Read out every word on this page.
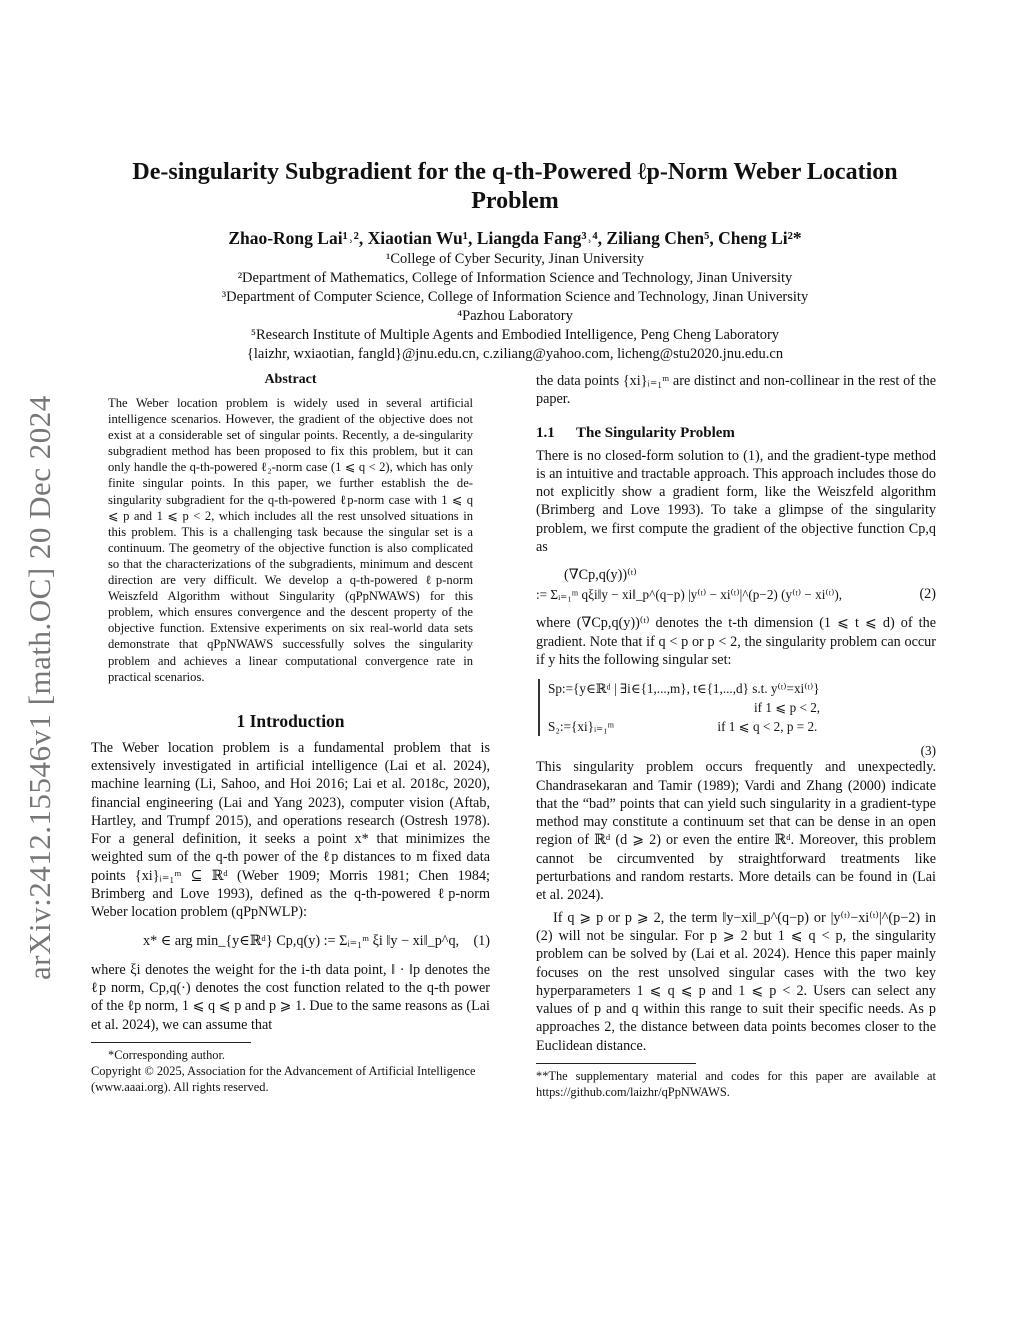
arXiv:2412.15546v1 [math.OC] 20 Dec 2024
De-singularity Subgradient for the q-th-Powered ℓp-Norm Weber Location Problem
Zhao-Rong Lai¹˒², Xiaotian Wu¹, Liangda Fang³˒⁴, Ziliang Chen⁵, Cheng Li²*
¹College of Cyber Security, Jinan University
²Department of Mathematics, College of Information Science and Technology, Jinan University
³Department of Computer Science, College of Information Science and Technology, Jinan University
⁴Pazhou Laboratory
⁵Research Institute of Multiple Agents and Embodied Intelligence, Peng Cheng Laboratory
{laizhr, wxiaotian, fangld}@jnu.edu.cn, c.ziliang@yahoo.com, licheng@stu2020.jnu.edu.cn
Abstract
The Weber location problem is widely used in several artificial intelligence scenarios. However, the gradient of the objective does not exist at a considerable set of singular points. Recently, a de-singularity subgradient method has been proposed to fix this problem, but it can only handle the q-th-powered ℓ₂-norm case (1 ⩽ q < 2), which has only finite singular points. In this paper, we further establish the de-singularity subgradient for the q-th-powered ℓp-norm case with 1 ⩽ q ⩽ p and 1 ⩽ p < 2, which includes all the rest unsolved situations in this problem. This is a challenging task because the singular set is a continuum. The geometry of the objective function is also complicated so that the characterizations of the subgradients, minimum and descent direction are very difficult. We develop a q-th-powered ℓp-norm Weiszfeld Algorithm without Singularity (qPpNWAWS) for this problem, which ensures convergence and the descent property of the objective function. Extensive experiments on six real-world data sets demonstrate that qPpNWAWS successfully solves the singularity problem and achieves a linear computational convergence rate in practical scenarios.
1 Introduction

The Weber location problem is a fundamental problem that is extensively investigated in artificial intelligence (Lai et al. 2024), machine learning (Li, Sahoo, and Hoi 2016; Lai et al. 2018c, 2020), financial engineering (Lai and Yang 2023), computer vision (Aftab, Hartley, and Trumpf 2015), and operations research (Ostresh 1978). For a general definition, it seeks a point x* that minimizes the weighted sum of the q-th power of the ℓp distances to m fixed data points {xi}ᵢ₌₁ᵐ ⊆ ℝᵈ (Weber 1909; Morris 1981; Chen 1984; Brimberg and Love 1993), defined as the q-th-powered ℓp-norm Weber location problem (qPpNWLP):

x* ∈ arg min_{y∈ℝᵈ} Cp,q(y) := Σᵢ₌₁ᵐ ξi ‖y − xi‖_p^q, (1)

where ξi denotes the weight for the i-th data point, ‖ · ‖p denotes the ℓp norm, Cp,q(·) denotes the cost function related to the q-th power of the ℓp norm, 1 ⩽ q ⩽ p and p ⩾ 1. Due to the same reasons as (Lai et al. 2024), we can assume that

*Corresponding author.
Copyright © 2025, Association for the Advancement of Artificial Intelligence (www.aaai.org). All rights reserved.

the data points {xi}ᵢ₌₁ᵐ are distinct and non-collinear in the rest of the paper.

1.1 The Singularity Problem

There is no closed-form solution to (1), and the gradient-type method is an intuitive and tractable approach. This approach includes those do not explicitly show a gradient form, like the Weiszfeld algorithm (Brimberg and Love 1993). To take a glimpse of the singularity problem, we first compute the gradient of the objective function Cp,q as

(∇Cp,q(y))⁽ᵗ⁾
:= Σᵢ₌₁ᵐ qξi‖y − xi‖_p^(q−p) |y⁽ᵗ⁾ − xi⁽ᵗ⁾|^(p−2) (y⁽ᵗ⁾ − xi⁽ᵗ⁾),	(2)

where (∇Cp,q(y))⁽ᵗ⁾ denotes the t-th dimension (1 ⩽ t ⩽ d) of the gradient. Note that if q < p or p < 2, the singularity problem can occur if y hits the following singular set:

Sp:={y∈ℝᵈ | ∃i∈{1,...,m}, t∈{1,...,d} s.t. y⁽ᵗ⁾=xi⁽ᵗ⁾}
if 1 ⩽ p < 2,
S₂:={xi}ᵢ₌₁ᵐ	if 1 ⩽ q < 2, p = 2.
(3)

This singularity problem occurs frequently and unexpectedly. Chandrasekaran and Tamir (1989); Vardi and Zhang (2000) indicate that the “bad” points that can yield such singularity in a gradient-type method may constitute a continuum set that can be dense in an open region of ℝᵈ (d ⩾ 2) or even the entire ℝᵈ. Moreover, this problem cannot be circumvented by straightforward treatments like perturbations and random restarts. More details can be found in (Lai et al. 2024).

If q ⩾ p or p ⩾ 2, the term ‖y−xi‖_p^(q−p) or |y⁽ᵗ⁾−xi⁽ᵗ⁾|^(p−2) in (2) will not be singular. For p ⩾ 2 but 1 ⩽ q < p, the singularity problem can be solved by (Lai et al. 2024). Hence this paper mainly focuses on the rest unsolved singular cases with the two key hyperparameters 1 ⩽ q ⩽ p and 1 ⩽ p < 2. Users can select any values of p and q within this range to suit their specific needs. As p approaches 2, the distance between data points becomes closer to the Euclidean distance.

**The supplementary material and codes for this paper are available at https://github.com/laizhr/qPpNWAWS.
